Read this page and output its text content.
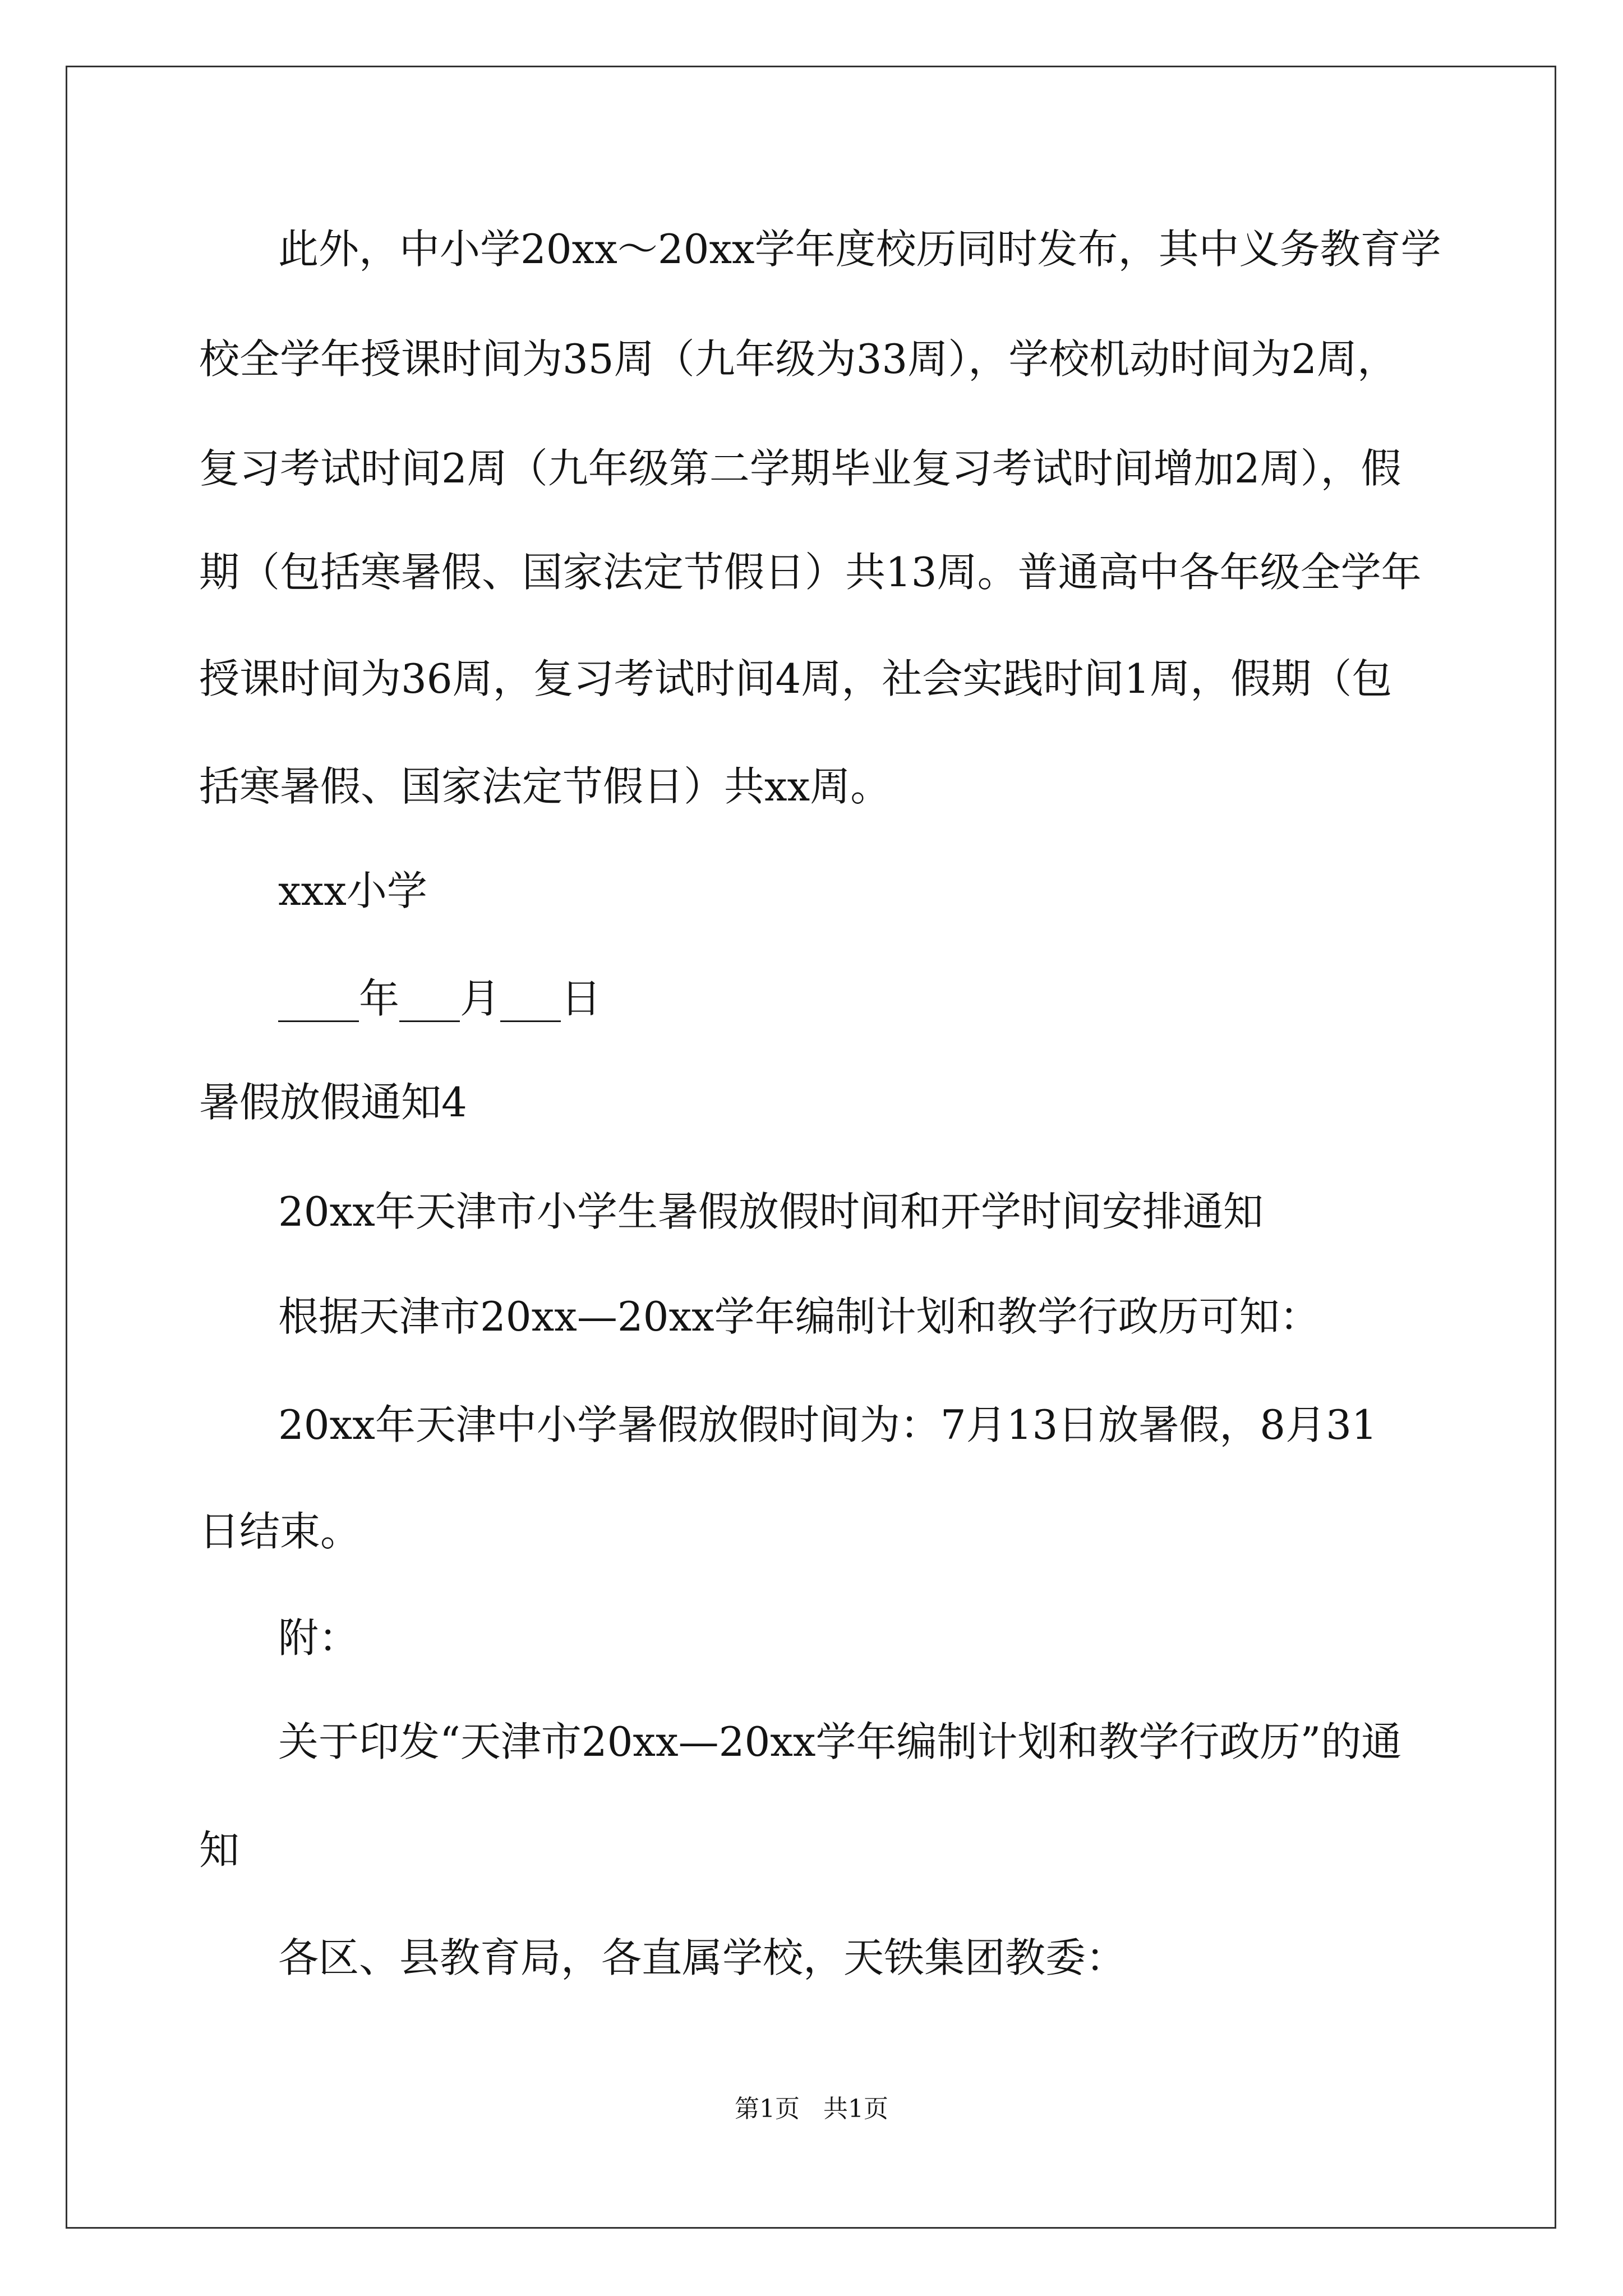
此外，中小学20xx～20xx学年度校历同时发布，其中义务教育学
校全学年授课时间为35周（九年级为33周），学校机动时间为2周，
复习考试时间2周（九年级第二学期毕业复习考试时间增加2周），假
期（包括寒暑假、国家法定节假日）共13周。普通高中各年级全学年
授课时间为36周，复习考试时间4周，社会实践时间1周，假期（包
括寒暑假、国家法定节假日）共xx周。
xxx小学
____年___月___日
暑假放假通知4
20xx年天津市小学生暑假放假时间和开学时间安排通知
根据天津市20xx—20xx学年编制计划和教学行政历可知：
20xx年天津中小学暑假放假时间为：7月13日放暑假，8月31
日结束。
附：
关于印发“天津市20xx—20xx学年编制计划和教学行政历”的通
知
各区、县教育局，各直属学校，天铁集团教委：
第1页   共1页
